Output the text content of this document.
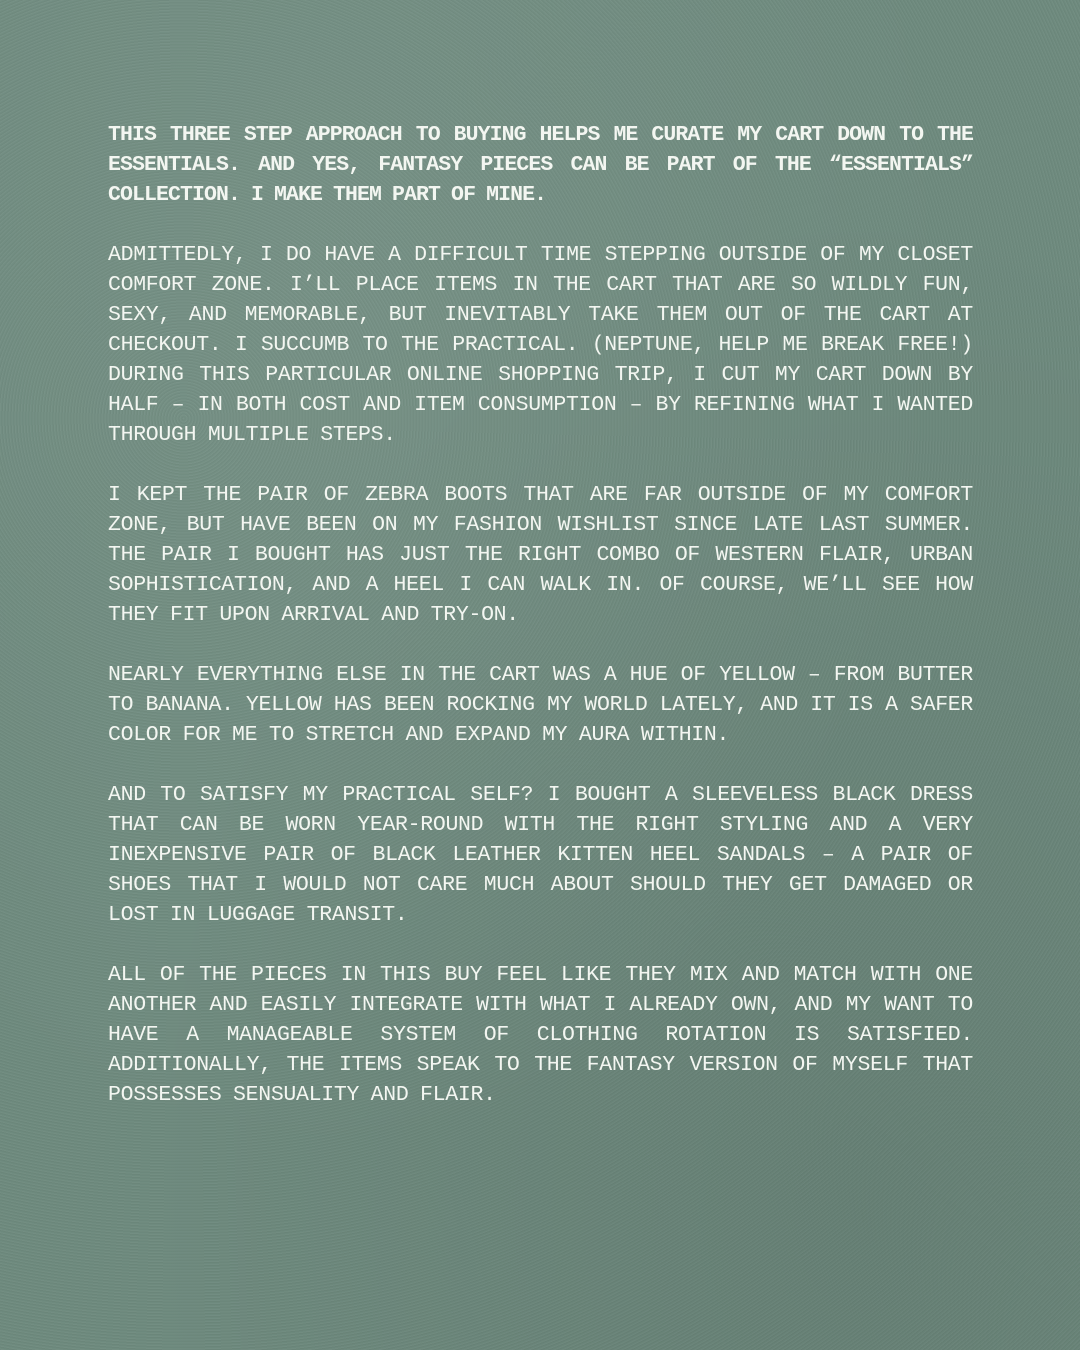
THIS THREE STEP APPROACH TO BUYING HELPS ME CURATE MY CART DOWN TO THE ESSENTIALS. AND YES, FANTASY PIECES CAN BE PART OF THE “ESSENTIALS” COLLECTION. I MAKE THEM PART OF MINE.

ADMITTEDLY, I DO HAVE A DIFFICULT TIME STEPPING OUTSIDE OF MY CLOSET COMFORT ZONE. I’LL PLACE ITEMS IN THE CART THAT ARE SO WILDLY FUN, SEXY, AND MEMORABLE, BUT INEVITABLY TAKE THEM OUT OF THE CART AT CHECKOUT. I SUCCUMB TO THE PRACTICAL. (NEPTUNE, HELP ME BREAK FREE!) DURING THIS PARTICULAR ONLINE SHOPPING TRIP, I CUT MY CART DOWN BY HALF – IN BOTH COST AND ITEM CONSUMPTION – BY REFINING WHAT I WANTED THROUGH MULTIPLE STEPS.

I KEPT THE PAIR OF ZEBRA BOOTS THAT ARE FAR OUTSIDE OF MY COMFORT ZONE, BUT HAVE BEEN ON MY FASHION WISHLIST SINCE LATE LAST SUMMER. THE PAIR I BOUGHT HAS JUST THE RIGHT COMBO OF WESTERN FLAIR, URBAN SOPHISTICATION, AND A HEEL I CAN WALK IN. OF COURSE, WE’LL SEE HOW THEY FIT UPON ARRIVAL AND TRY-ON.

NEARLY EVERYTHING ELSE IN THE CART WAS A HUE OF YELLOW – FROM BUTTER TO BANANA. YELLOW HAS BEEN ROCKING MY WORLD LATELY, AND IT IS A SAFER COLOR FOR ME TO STRETCH AND EXPAND MY AURA WITHIN.

AND TO SATISFY MY PRACTICAL SELF? I BOUGHT A SLEEVELESS BLACK DRESS THAT CAN BE WORN YEAR-ROUND WITH THE RIGHT STYLING AND A VERY INEXPENSIVE PAIR OF BLACK LEATHER KITTEN HEEL SANDALS – A PAIR OF SHOES THAT I WOULD NOT CARE MUCH ABOUT SHOULD THEY GET DAMAGED OR LOST IN LUGGAGE TRANSIT.

ALL OF THE PIECES IN THIS BUY FEEL LIKE THEY MIX AND MATCH WITH ONE ANOTHER AND EASILY INTEGRATE WITH WHAT I ALREADY OWN, AND MY WANT TO HAVE A MANAGEABLE SYSTEM OF CLOTHING ROTATION IS SATISFIED. ADDITIONALLY, THE ITEMS SPEAK TO THE FANTASY VERSION OF MYSELF THAT POSSESSES SENSUALITY AND FLAIR.
